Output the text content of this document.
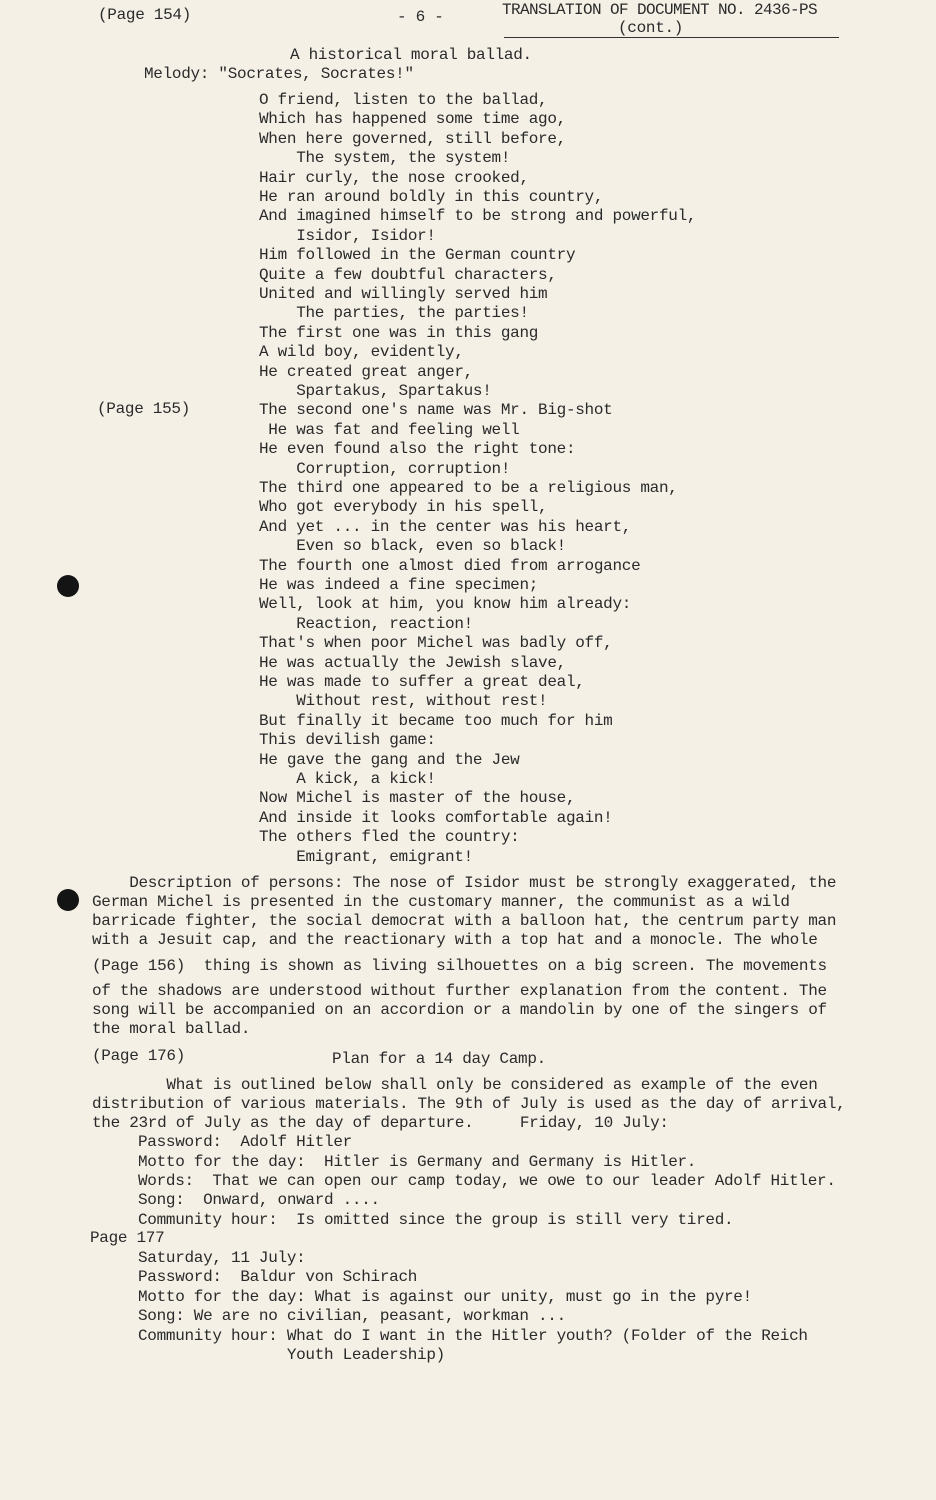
(Page 154)	- 6 -	TRANSLATION OF DOCUMENT NO. 2436-PS
(cont.)
A historical moral ballad.
Melody: "Socrates, Socrates!"
O friend, listen to the ballad,
Which has happened some time ago,
When here governed, still before,
The system, the system!
Hair curly, the nose crooked,
He ran around boldly in this country,
And imagined himself to be strong and powerful,
Isidor, Isidor!
Him followed in the German country
Quite a few doubtful characters,
United and willingly served him
The parties, the parties!
The first one was in this gang
A wild boy, evidently,
He created great anger,
Spartakus, Spartakus!
The second one's name was Mr. Big-shot
He was fat and feeling well
He even found also the right tone:
Corruption, corruption!
The third one appeared to be a religious man,
Who got everybody in his spell,
And yet ... in the center was his heart,
Even so black, even so black!
The fourth one almost died from arrogance
He was indeed a fine specimen;
Well, look at him, you know him already:
Reaction, reaction!
That's when poor Michel was badly off,
He was actually the Jewish slave,
He was made to suffer a great deal,
Without rest, without rest!
But finally it became too much for him
This devilish game:
He gave the gang and the Jew
A kick, a kick!
Now Michel is master of the house,
And inside it looks comfortable again!
The others fled the country:
Emigrant, emigrant!
(Page 155)
Description of persons: The nose of Isidor must be strongly exaggerated, the
German Michel is presented in the customary manner, the communist as a wild
barricade fighter, the social democrat with a balloon hat, the centrum party man
with a Jesuit cap, and the reactionary with a top hat and a monocle. The whole
(Page 156)  thing is shown as living silhouettes on a big screen. The movements
of the shadows are understood without further explanation from the content. The
song will be accompanied on an accordion or a mandolin by one of the singers of
the moral ballad.
(Page 176)	Plan for a 14 day Camp.
What is outlined below shall only be considered as example of the even
distribution of various materials. The 9th of July is used as the day of arrival,
the 23rd of July as the day of departure.     Friday, 10 July:
Password:  Adolf Hitler
Motto for the day:  Hitler is Germany and Germany is Hitler.
Words:  That we can open our camp today, we owe to our leader Adolf Hitler.
Song:  Onward, onward ....
Community hour:  Is omitted since the group is still very tired.
Page 177
Saturday, 11 July:
Password:  Baldur von Schirach
Motto for the day: What is against our unity, must go in the pyre!
Song: We are no civilian, peasant, workman ...
Community hour: What do I want in the Hitler youth? (Folder of the Reich
Youth Leadership)
